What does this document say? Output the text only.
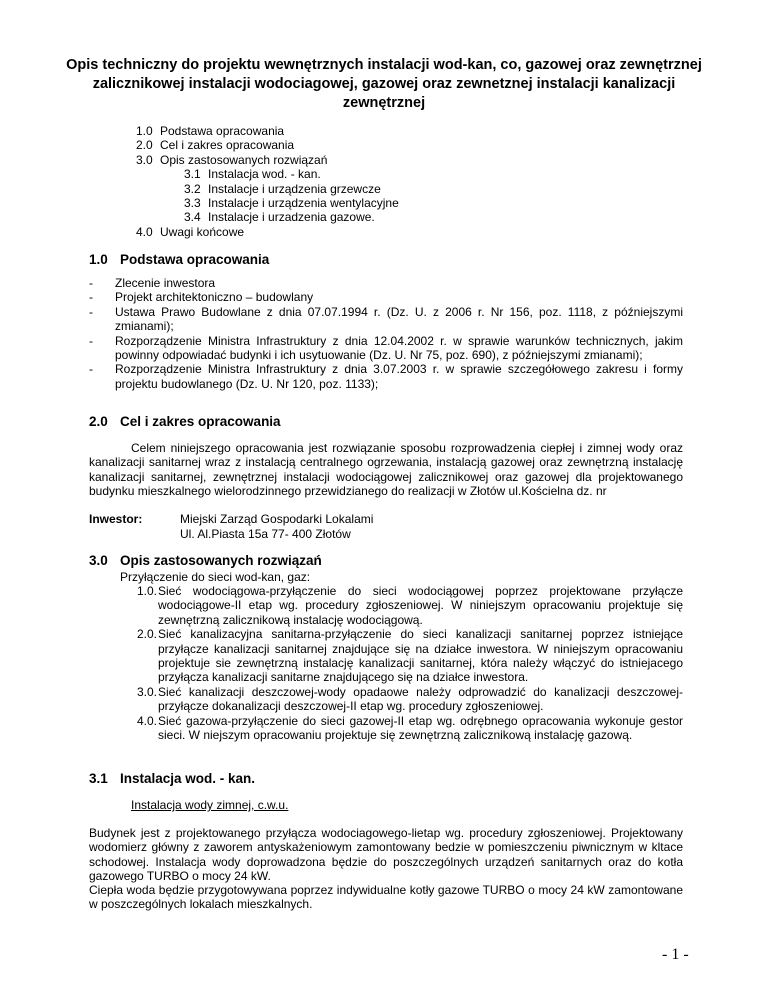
Opis techniczny do projektu wewnętrznych instalacji wod-kan, co, gazowej oraz zewnętrznej zalicznikowej instalacji wodociagowej, gazowej oraz zewnetznej instalacji kanalizacji zewnętrznej
1.0 Podstawa opracowania
2.0 Cel i zakres opracowania
3.0 Opis zastosowanych rozwiązań
3.1 Instalacja wod. - kan.
3.2 Instalacje i urządzenia grzewcze
3.3 Instalacje i urządzenia wentylacyjne
3.4 Instalacje i urzadzenia gazowe.
4.0 Uwagi końcowe
1.0 Podstawa opracowania
- Zlecenie inwestora
- Projekt architektoniczno – budowlany
- Ustawa Prawo Budowlane z dnia 07.07.1994 r. (Dz. U. z 2006 r. Nr 156, poz. 1118, z późniejszymi zmianami);
- Rozporządzenie Ministra Infrastruktury z dnia 12.04.2002 r. w sprawie warunków technicznych, jakim powinny odpowiadać budynki i ich usytuowanie (Dz. U. Nr 75, poz. 690), z późniejszymi zmianami);
- Rozporządzenie Ministra Infrastruktury z dnia 3.07.2003 r. w sprawie szczegółowego zakresu i formy projektu budowlanego (Dz. U. Nr 120, poz. 1133);
2.0 Cel i zakres opracowania

Celem niniejszego opracowania jest rozwiązanie sposobu rozprowadzenia ciepłej i zimnej wody oraz kanalizacji sanitarnej wraz z instalacją centralnego ogrzewania, instalacją gazowej oraz zewnętrzną instalację kanalizacji sanitarnej, zewnętrznej instalacji wodociągowej zalicznikowej oraz gazowej dla projektowanego budynku mieszkalnego wielorodzinnego przewidzianego do realizacji w Złotów ul.Kościelna dz. nr

Inwestor:	Miejski Zarząd Gospodarki Lokalami
Ul. Al.Piasta 15a 77- 400 Złotów
3.0 Opis zastosowanych rozwiązań
Przyłączenie do sieci wod-kan, gaz:
1.0. Sieć wodociągowa-przyłączenie do sieci wodociągowej poprzez projektowane przyłącze wodociągowe-II etap wg. procedury zgłoszeniowej. W niniejszym opracowaniu projektuje się zewnętrzną zalicznikową instalację wodociągową.
2.0. Sieć kanalizacyjna sanitarna-przyłączenie do sieci kanalizacji sanitarnej poprzez istniejące przyłącze kanalizacji sanitarnej znajdujące się na działce inwestora. W niniejszym opracowaniu projektuje sie zewnętrzną instalację kanalizacji sanitarnej, która należy włączyć do istniejacego przyłącza kanalizacji sanitarne znajdującego się na działce inwestora.
3.0. Sieć kanalizacji deszczowej-wody opadaowe należy odprowadzić do kanalizacji deszczowej-przyłącze dokanalizacji deszczowej-II etap wg. procedury zgłoszeniowej.
4.0. Sieć gazowa-przyłączenie do sieci gazowej-II etap wg. odrębnego opracowania wykonuje gestor sieci. W niejszym opracowaniu projektuje się zewnętrzną zalicznikową instalację gazową.
3.1 Instalacja wod. - kan.
Instalacja wody zimnej, c.w.u.

Budynek jest z projektowanego przyłącza wodociagowego-lietap wg. procedury zgłoszeniowej. Projektowany wodomierz główny z zaworem antyskażeniowym zamontowany bedzie w pomieszczeniu piwnicznym w kltace schodowej. Instalacja wody doprowadzona będzie do poszczególnych urządzeń sanitarnych oraz do kotła gazowego TURBO o mocy 24 kW.

Ciepła woda będzie przygotowywana poprzez indywidualne kotły gazowe TURBO o mocy 24 kW zamontowane w poszczególnych lokalach mieszkalnych.

- 1 -
